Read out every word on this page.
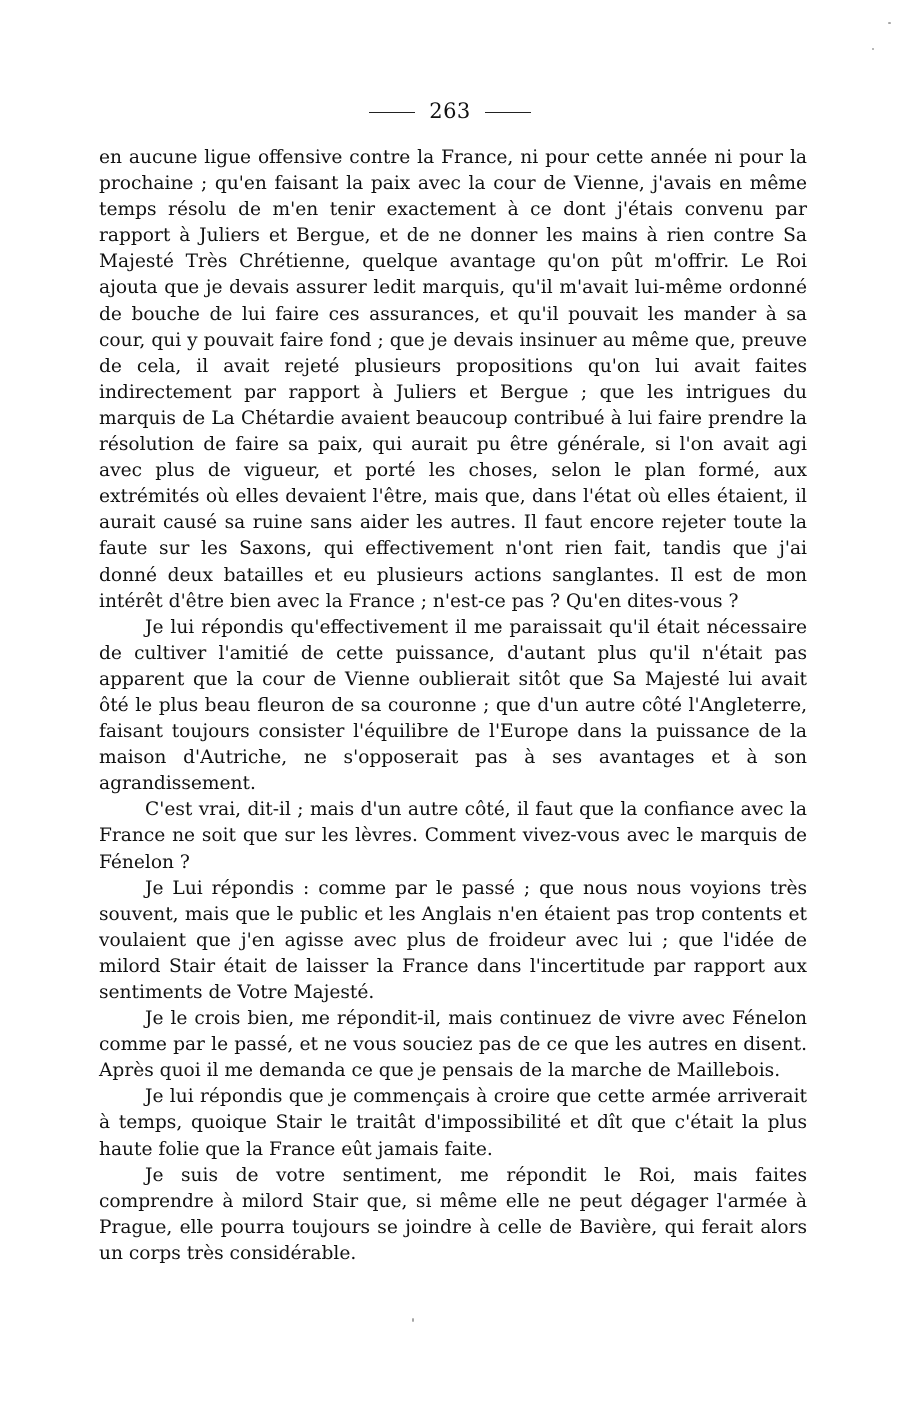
263

en aucune ligue offensive contre la France, ni pour cette année ni pour la prochaine ; qu'en faisant la paix avec la cour de Vienne, j'avais en même temps résolu de m'en tenir exactement à ce dont j'étais convenu par rapport à Juliers et Bergue, et de ne donner les mains à rien contre Sa Majesté Très Chrétienne, quelque avantage qu'on pût m'offrir. Le Roi ajouta que je devais assurer ledit marquis, qu'il m'avait lui-même ordonné de bouche de lui faire ces assurances, et qu'il pouvait les mander à sa cour, qui y pouvait faire fond ; que je devais insinuer au même que, preuve de cela, il avait rejeté plusieurs propositions qu'on lui avait faites indirectement par rapport à Juliers et Bergue ; que les intrigues du marquis de La Chétardie avaient beaucoup contribué à lui faire prendre la résolution de faire sa paix, qui aurait pu être générale, si l'on avait agi avec plus de vigueur, et porté les choses, selon le plan formé, aux extrémités où elles devaient l'être, mais que, dans l'état où elles étaient, il aurait causé sa ruine sans aider les autres. Il faut encore rejeter toute la faute sur les Saxons, qui effectivement n'ont rien fait, tandis que j'ai donné deux batailles et eu plusieurs actions sanglantes. Il est de mon intérêt d'être bien avec la France ; n'est-ce pas ? Qu'en dites-vous ?

Je lui répondis qu'effectivement il me paraissait qu'il était nécessaire de cultiver l'amitié de cette puissance, d'autant plus qu'il n'était pas apparent que la cour de Vienne oublierait sitôt que Sa Majesté lui avait ôté le plus beau fleuron de sa couronne ; que d'un autre côté l'Angleterre, faisant toujours consister l'équilibre de l'Europe dans la puissance de la maison d'Autriche, ne s'opposerait pas à ses avantages et à son agrandissement.

C'est vrai, dit-il ; mais d'un autre côté, il faut que la confiance avec la France ne soit que sur les lèvres. Comment vivez-vous avec le marquis de Fénelon ?

Je Lui répondis : comme par le passé ; que nous nous voyions très souvent, mais que le public et les Anglais n'en étaient pas trop contents et voulaient que j'en agisse avec plus de froideur avec lui ; que l'idée de milord Stair était de laisser la France dans l'incertitude par rapport aux sentiments de Votre Majesté.

Je le crois bien, me répondit-il, mais continuez de vivre avec Fénelon comme par le passé, et ne vous souciez pas de ce que les autres en disent. Après quoi il me demanda ce que je pensais de la marche de Maillebois.

Je lui répondis que je commençais à croire que cette armée arriverait à temps, quoique Stair le traitât d'impossibilité et dît que c'était la plus haute folie que la France eût jamais faite.

Je suis de votre sentiment, me répondit le Roi, mais faites comprendre à milord Stair que, si même elle ne peut dégager l'armée à Prague, elle pourra toujours se joindre à celle de Bavière, qui ferait alors un corps très considérable.
